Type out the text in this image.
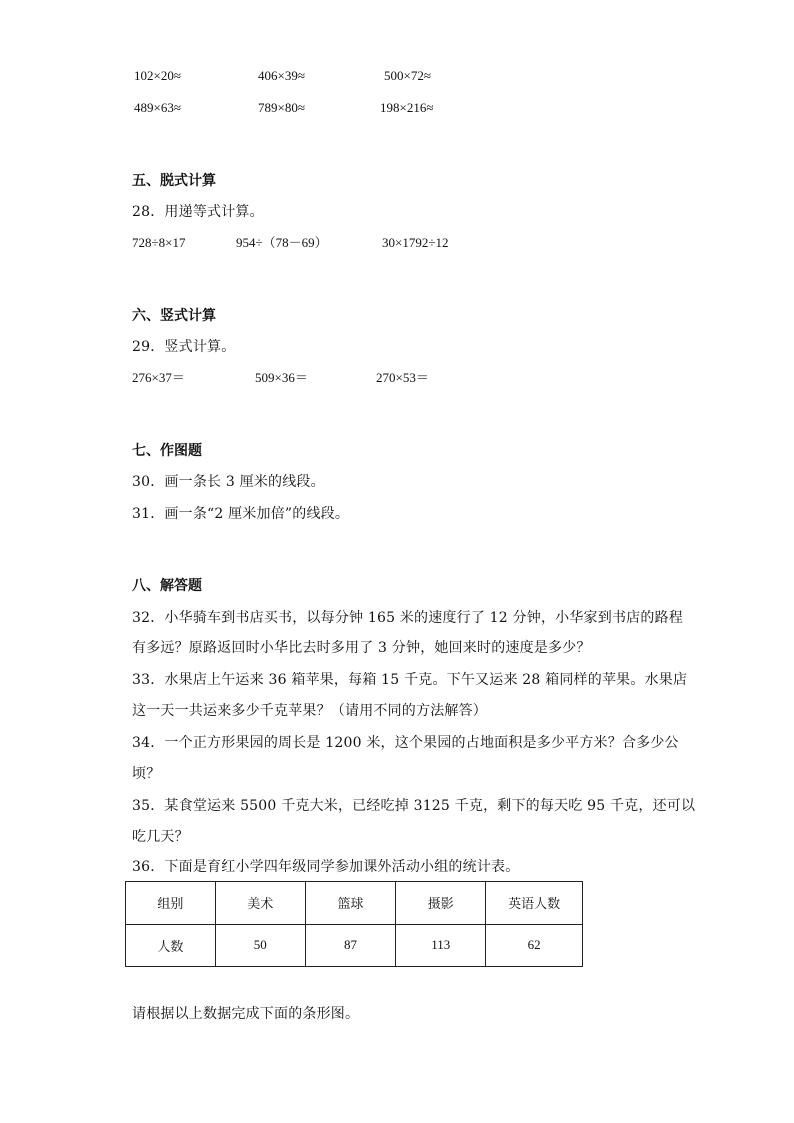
102×20≈	406×39≈	500×72≈
489×63≈	789×80≈	198×216≈
五、脱式计算
28．用递等式计算。
728÷8×17	954÷（78－69）	30×1792÷12
六、竖式计算
29．竖式计算。
276×37＝	509×36＝	270×53＝
七、作图题
30．画一条长 3 厘米的线段。
31．画一条“2 厘米加倍”的线段。
八、解答题
32．小华骑车到书店买书，以每分钟 165 米的速度行了 12 分钟，小华家到书店的路程
有多远？原路返回时小华比去时多用了 3 分钟，她回来时的速度是多少？
33．水果店上午运来 36 箱苹果，每箱 15 千克。下午又运来 28 箱同样的苹果。水果店
这一天一共运来多少千克苹果？（请用不同的方法解答）
34．一个正方形果园的周长是 1200 米，这个果园的占地面积是多少平方米？合多少公
顷？
35．某食堂运来 5500 千克大米，已经吃掉 3125 千克，剩下的每天吃 95 千克，还可以
吃几天？
36．下面是育红小学四年级同学参加课外活动小组的统计表。
组别	美术	篮球	摄影	英语人数
人数	50	87	113	62
请根据以上数据完成下面的条形图。
